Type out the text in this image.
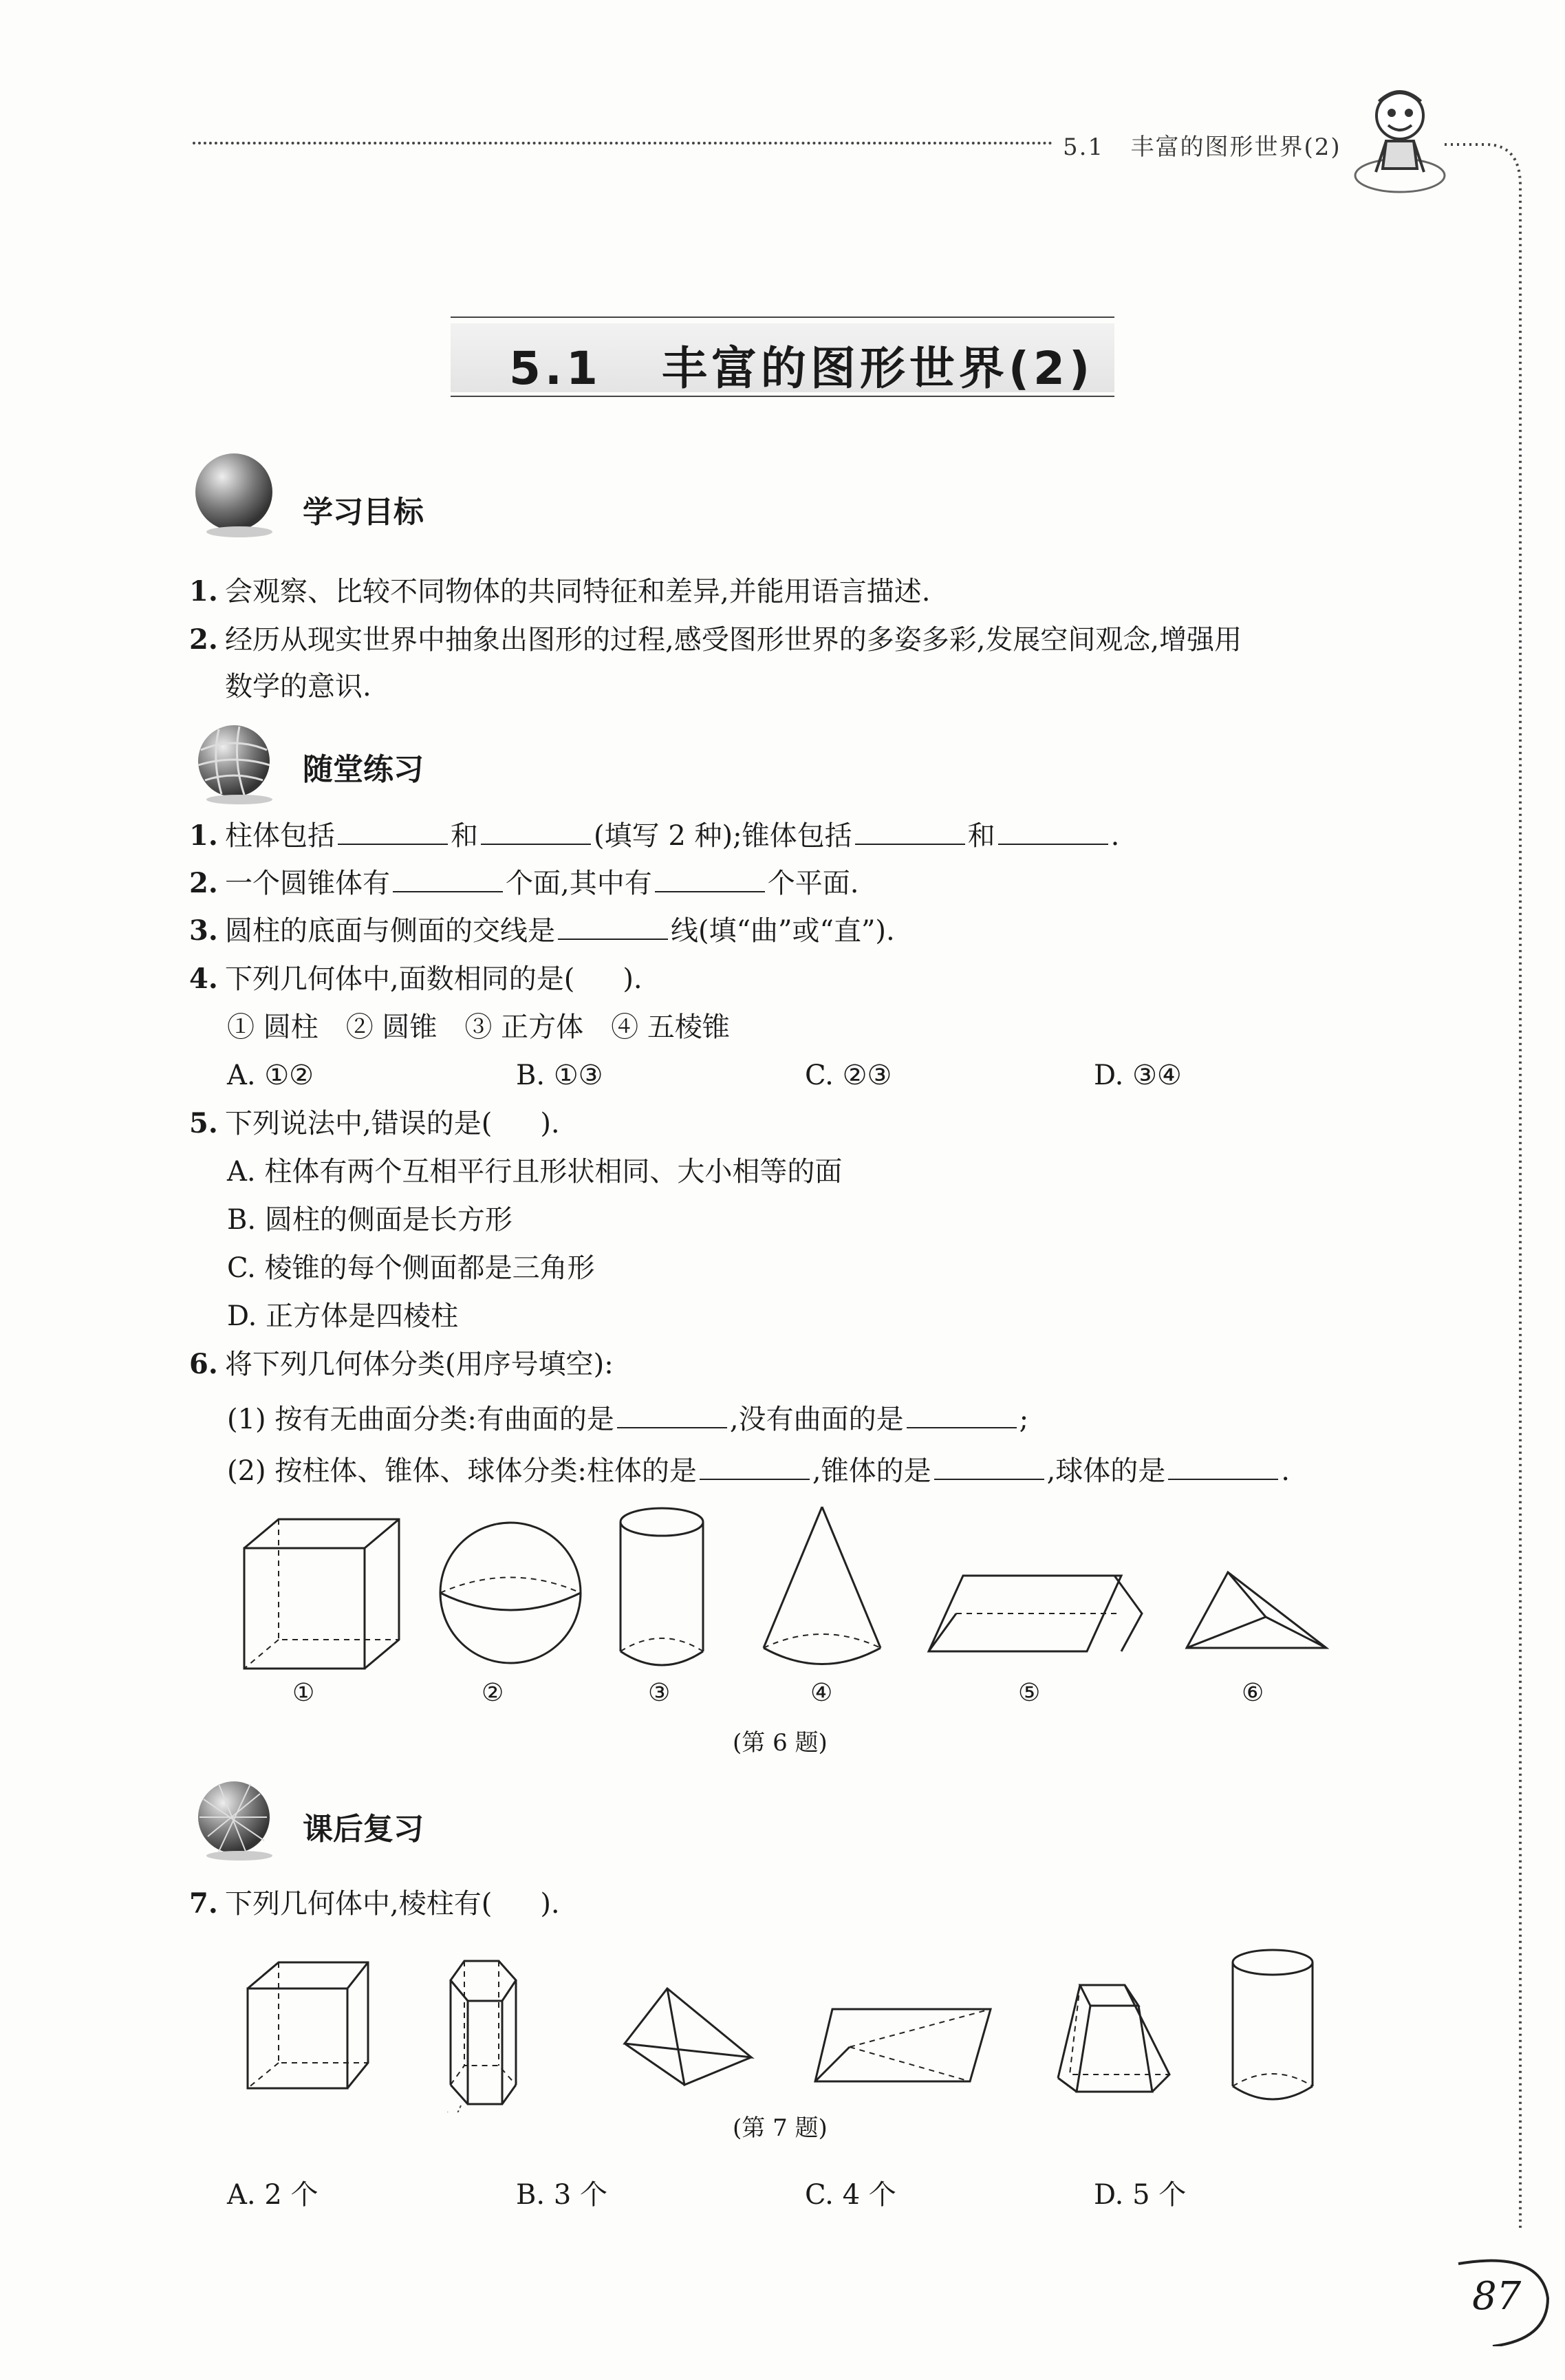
5.1 丰富的图形世界(2)
5.1 丰富的图形世界(2)
学习目标
1. 会观察、比较不同物体的共同特征和差异,并能用语言描述.
2. 经历从现实世界中抽象出图形的过程,感受图形世界的多姿多彩,发展空间观念,增强用
数学的意识.
随堂练习
1. 柱体包括	和	(填写 2 种);锥体包括	和	.
2. 一个圆锥体有	个面,其中有	个平面.
3. 圆柱的底面与侧面的交线是	线(填“曲”或“直”).
4. 下列几何体中,面数相同的是( ).
① 圆柱　② 圆锥　③ 正方体　④ 五棱锥
A. ①②	B. ①③	C. ②③	D. ③④
5. 下列说法中,错误的是( ).
A. 柱体有两个互相平行且形状相同、大小相等的面
B. 圆柱的侧面是长方形
C. 棱锥的每个侧面都是三角形
D. 正方体是四棱柱
6. 将下列几何体分类(用序号填空):
(1) 按有无曲面分类:有曲面的是	,没有曲面的是	;
(2) 按柱体、锥体、球体分类:柱体的是	,锥体的是	,球体的是	.
①	②	③	④	⑤	⑥
(第 6 题)
课后复习
7. 下列几何体中,棱柱有( ).
(第 7 题)
A. 2 个	B. 3 个	C. 4 个	D. 5 个
87
